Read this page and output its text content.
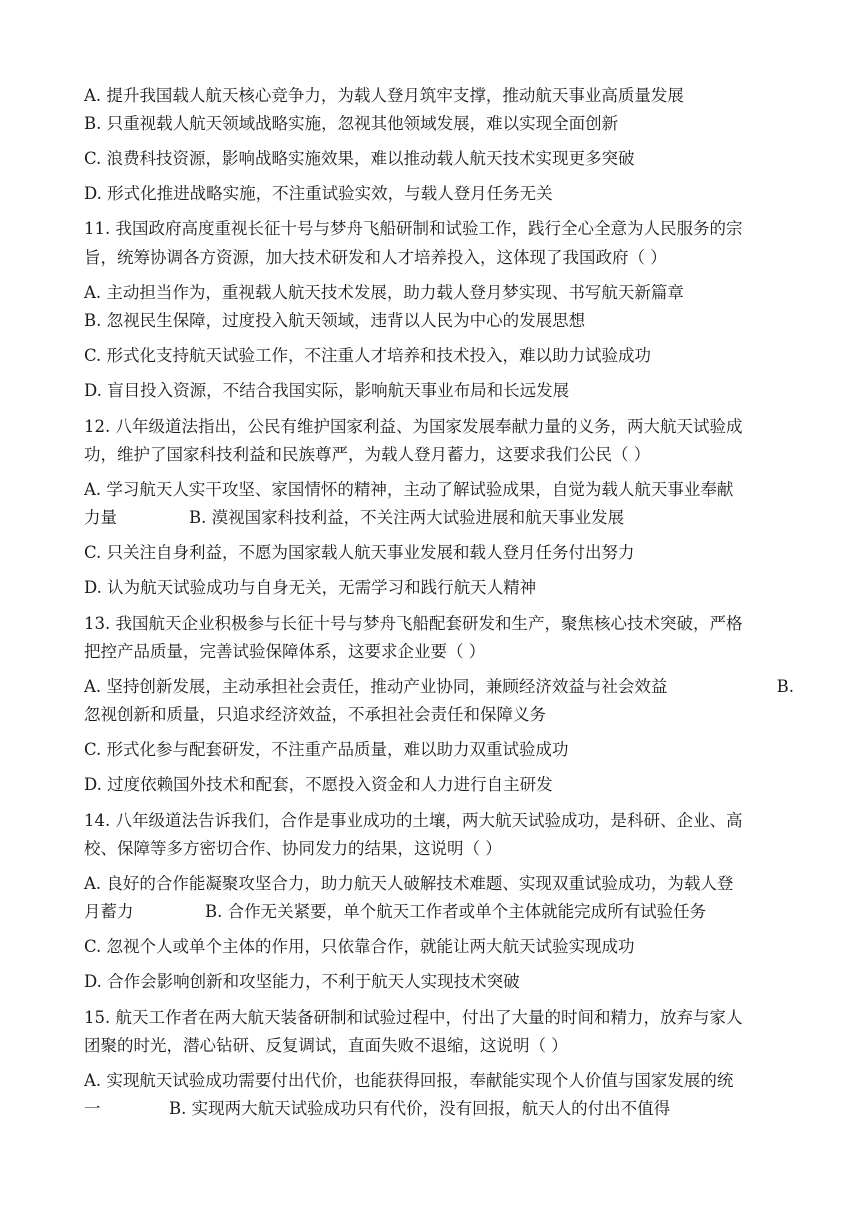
A. 提升我国载人航天核心竞争力，为载人登月筑牢支撑，推动航天事业高质量发展
B. 只重视载人航天领域战略实施，忽视其他领域发展，难以实现全面创新
C. 浪费科技资源，影响战略实施效果，难以推动载人航天技术实现更多突破
D. 形式化推进战略实施，不注重试验实效，与载人登月任务无关
11. 我国政府高度重视长征十号与梦舟飞船研制和试验工作，践行全心全意为人民服务的宗
旨，统筹协调各方资源，加大技术研发和人才培养投入，这体现了我国政府（ ）
A. 主动担当作为，重视载人航天技术发展，助力载人登月梦实现、书写航天新篇章
B. 忽视民生保障，过度投入航天领域，违背以人民为中心的发展思想
C. 形式化支持航天试验工作，不注重人才培养和技术投入，难以助力试验成功
D. 盲目投入资源，不结合我国实际，影响航天事业布局和长远发展
12. 八年级道法指出，公民有维护国家利益、为国家发展奉献力量的义务，两大航天试验成
功，维护了国家科技利益和民族尊严，为载人登月蓄力，这要求我们公民（ ）
A. 学习航天人实干攻坚、家国情怀的精神，主动了解试验成果，自觉为载人航天事业奉献
力量	B. 漠视国家科技利益，不关注两大试验进展和航天事业发展
C. 只关注自身利益，不愿为国家载人航天事业发展和载人登月任务付出努力
D. 认为航天试验成功与自身无关，无需学习和践行航天人精神
13. 我国航天企业积极参与长征十号与梦舟飞船配套研发和生产，聚焦核心技术突破，严格
把控产品质量，完善试验保障体系，这要求企业要（ ）
A. 坚持创新发展，主动承担社会责任，推动产业协同，兼顾经济效益与社会效益	B.
忽视创新和质量，只追求经济效益，不承担社会责任和保障义务
C. 形式化参与配套研发，不注重产品质量，难以助力双重试验成功
D. 过度依赖国外技术和配套，不愿投入资金和人力进行自主研发
14. 八年级道法告诉我们，合作是事业成功的土壤，两大航天试验成功，是科研、企业、高
校、保障等多方密切合作、协同发力的结果，这说明（ ）
A. 良好的合作能凝聚攻坚合力，助力航天人破解技术难题、实现双重试验成功，为载人登
月蓄力	B. 合作无关紧要，单个航天工作者或单个主体就能完成所有试验任务
C. 忽视个人或单个主体的作用，只依靠合作，就能让两大航天试验实现成功
D. 合作会影响创新和攻坚能力，不利于航天人实现技术突破
15. 航天工作者在两大航天装备研制和试验过程中，付出了大量的时间和精力，放弃与家人
团聚的时光，潜心钻研、反复调试，直面失败不退缩，这说明（ ）
A. 实现航天试验成功需要付出代价，也能获得回报，奉献能实现个人价值与国家发展的统
一	B. 实现两大航天试验成功只有代价，没有回报，航天人的付出不值得
